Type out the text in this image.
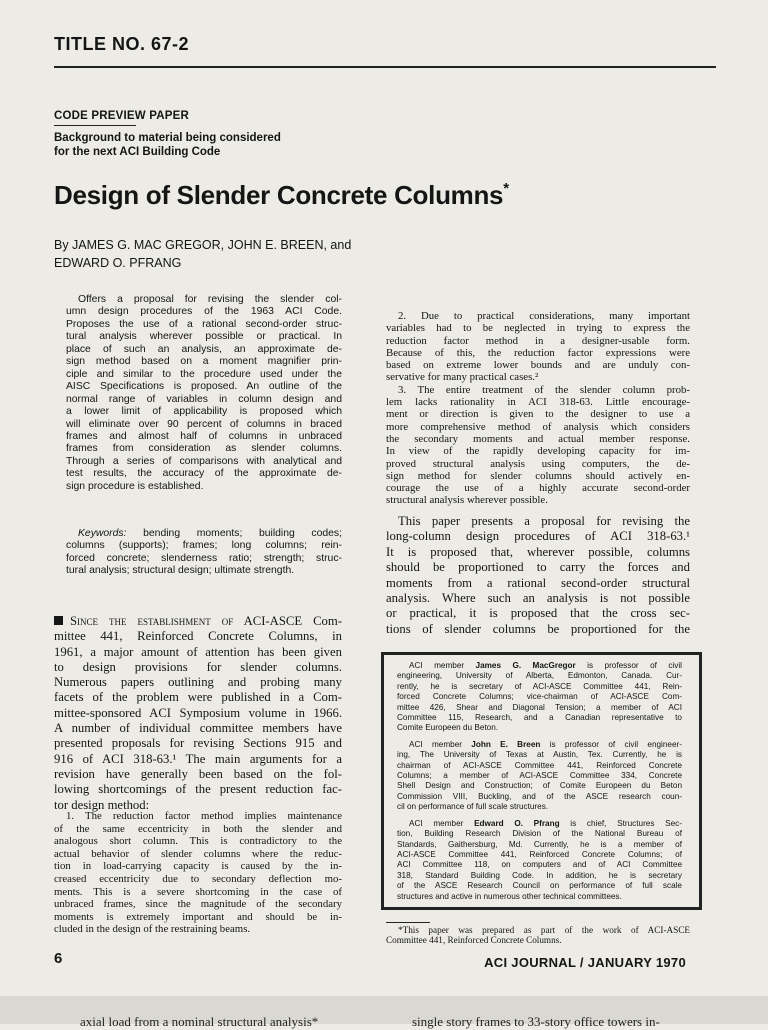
TITLE NO. 67-2
CODE PREVIEW PAPER
Background to material being considered
for the next ACI Building Code
Design of Slender Concrete Columns*
By JAMES G. MAC GREGOR, JOHN E. BREEN, and
EDWARD O. PFRANG
Offers a proposal for revising the slender col-
umn design procedures of the 1963 ACI Code.
Proposes the use of a rational second-order struc-
tural analysis wherever possible or practical. In
place of such an analysis, an approximate de-
sign method based on a moment magnifier prin-
ciple and similar to the procedure used under the
AISC Specifications is proposed. An outline of the
normal range of variables in column design and
a lower limit of applicability is proposed which
will eliminate over 90 percent of columns in braced
frames and almost half of columns in unbraced
frames from consideration as slender columns.
Through a series of comparisons with analytical and
test results, the accuracy of the approximate de-
sign procedure is established.
Keywords: bending moments; building codes;
columns (supports); frames; long columns; rein-
forced concrete; slenderness ratio; strength; struc-
tural analysis; structural design; ultimate strength.
Since the establishment of ACI-ASCE Com-
mittee 441, Reinforced Concrete Columns, in
1961, a major amount of attention has been given
to design provisions for slender columns.
Numerous papers outlining and probing many
facets of the problem were published in a Com-
mittee-sponsored ACI Symposium volume in 1966.
A number of individual committee members have
presented proposals for revising Sections 915 and
916 of ACI 318-63.¹ The main arguments for a
revision have generally been based on the fol-
lowing shortcomings of the present reduction fac-
tor design method:
1. The reduction factor method implies maintenance
of the same eccentricity in both the slender and
analogous short column. This is contradictory to the
actual behavior of slender columns where the reduc-
tion in load-carrying capacity is caused by the in-
creased eccentricity due to secondary deflection mo-
ments. This is a severe shortcoming in the case of
unbraced frames, since the magnitude of the secondary
moments is extremely important and should be in-
cluded in the design of the restraining beams.
2. Due to practical considerations, many important
variables had to be neglected in trying to express the
reduction factor method in a designer-usable form.
Because of this, the reduction factor expressions were
based on extreme lower bounds and are unduly con-
servative for many practical cases.²
3. The entire treatment of the slender column prob-
lem lacks rationality in ACI 318-63. Little encourage-
ment or direction is given to the designer to use a
more comprehensive method of analysis which considers
the secondary moments and actual member response.
In view of the rapidly developing capacity for im-
proved structural analysis using computers, the de-
sign method for slender columns should actively en-
courage the use of a highly accurate second-order
structural analysis wherever possible.
This paper presents a proposal for revising the
long-column design procedures of ACI 318-63.¹
It is proposed that, wherever possible, columns
should be proportioned to carry the forces and
moments from a rational second-order structural
analysis. Where such an analysis is not possible
or practical, it is proposed that the cross sec-
tions of slender columns be proportioned for the
ACI member James G. MacGregor is professor of civil
engineering, University of Alberta, Edmonton, Canada. Cur-
rently, he is secretary of ACI-ASCE Committee 441, Rein-
forced Concrete Columns; vice-chairman of ACI-ASCE Com-
mittee 426, Shear and Diagonal Tension; a member of ACI
Committee 115, Research, and a Canadian representative to
Comite Europeen du Beton.
ACI member John E. Breen is professor of civil engineer-
ing, The University of Texas at Austin, Tex. Currently, he is
chairman of ACI-ASCE Committee 441, Reinforced Concrete
Columns; a member of ACI-ASCE Committee 334, Concrete
Shell Design and Construction; of Comite Europeen du Beton
Commission VIII, Buckling, and of the ASCE research coun-
cil on performance of full scale structures.
ACI member Edward O. Pfrang is chief, Structures Sec-
tion, Building Research Division of the National Bureau of
Standards, Gaithersburg, Md. Currently, he is a member of
ACI-ASCE Committee 441, Reinforced Concrete Columns; of
ACI Committee 118, on computers and of ACI Committee
318, Standard Building Code. In addition, he is secretary
of the ASCE Research Council on performance of full scale
structures and active in numerous other technical committees.
*This paper was prepared as part of the work of ACI-ASCE
Committee 441, Reinforced Concrete Columns.
6	ACI JOURNAL / JANUARY 1970
axial load from a nominal structural analysis*	single story frames to 33-story office towers in-
